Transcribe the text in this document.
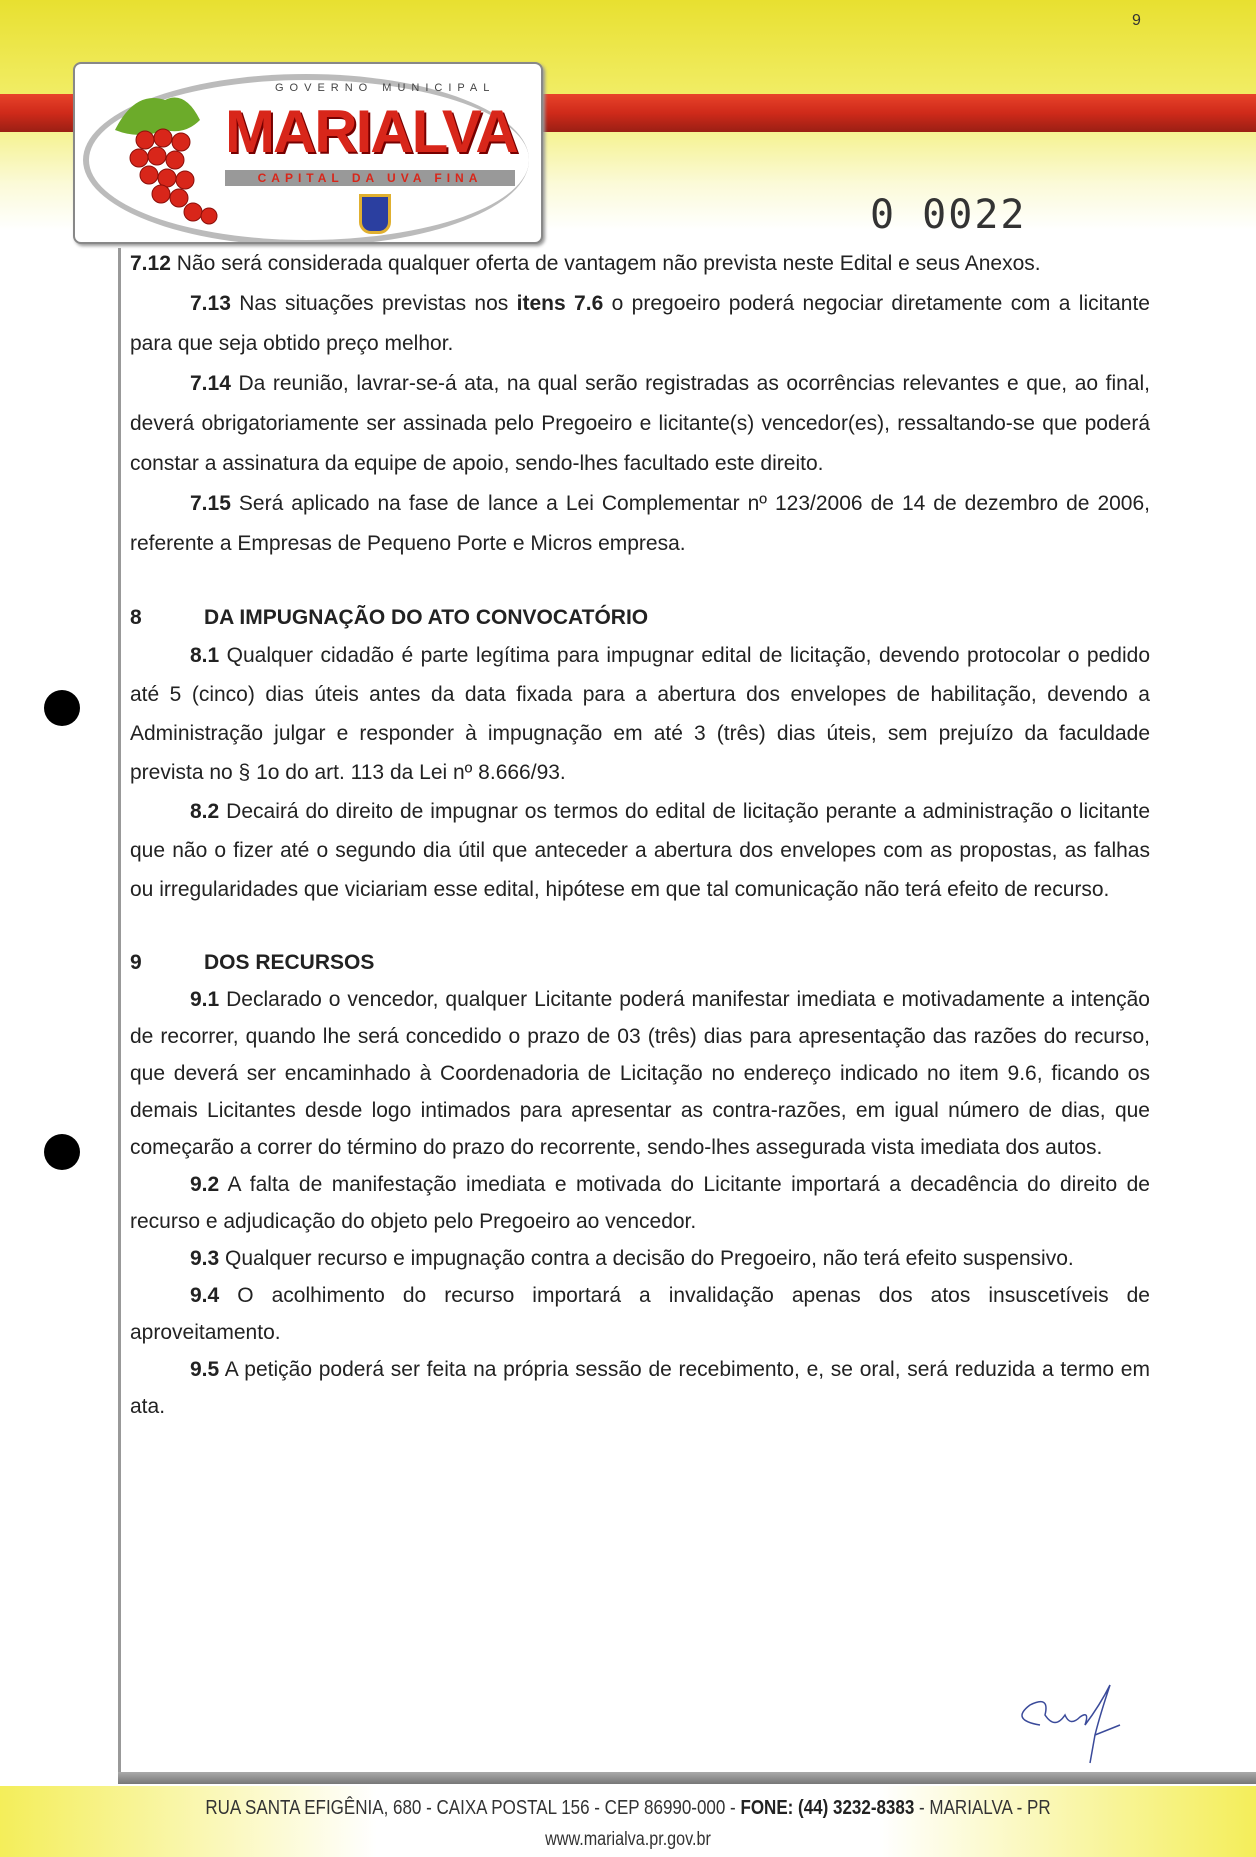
9
GOVERNO MUNICIPAL
MARIALVA
CAPITAL DA UVA FINA
0 0022

7.12 Não será considerada qualquer oferta de vantagem não prevista neste Edital e seus Anexos.

7.13 Nas situações previstas nos itens 7.6 o pregoeiro poderá negociar diretamente com a licitante para que seja obtido preço melhor.

7.14 Da reunião, lavrar-se-á ata, na qual serão registradas as ocorrências relevantes e que, ao final, deverá obrigatoriamente ser assinada pelo Pregoeiro e licitante(s) vencedor(es), ressaltando-se que poderá constar a assinatura da equipe de apoio, sendo-lhes facultado este direito.

7.15 Será aplicado na fase de lance a Lei Complementar nº 123/2006 de 14 de dezembro de 2006, referente a Empresas de Pequeno Porte e Micros empresa.

8	DA IMPUGNAÇÃO DO ATO CONVOCATÓRIO

8.1 Qualquer cidadão é parte legítima para impugnar edital de licitação, devendo protocolar o pedido até 5 (cinco) dias úteis antes da data fixada para a abertura dos envelopes de habilitação, devendo a Administração julgar e responder à impugnação em até 3 (três) dias úteis, sem prejuízo da faculdade prevista no § 1o do art. 113 da Lei nº 8.666/93.

8.2 Decairá do direito de impugnar os termos do edital de licitação perante a administração o licitante que não o fizer até o segundo dia útil que anteceder a abertura dos envelopes com as propostas, as falhas ou irregularidades que viciariam esse edital, hipótese em que tal comunicação não terá efeito de recurso.

9	DOS RECURSOS

9.1 Declarado o vencedor, qualquer Licitante poderá manifestar imediata e motivadamente a intenção de recorrer, quando lhe será concedido o prazo de 03 (três) dias para apresentação das razões do recurso, que deverá ser encaminhado à Coordenadoria de Licitação no endereço indicado no item 9.6, ficando os demais Licitantes desde logo intimados para apresentar as contra-razões, em igual número de dias, que começarão a correr do término do prazo do recorrente, sendo-lhes assegurada vista imediata dos autos.

9.2 A falta de manifestação imediata e motivada do Licitante importará a decadência do direito de recurso e adjudicação do objeto pelo Pregoeiro ao vencedor.

9.3 Qualquer recurso e impugnação contra a decisão do Pregoeiro, não terá efeito suspensivo.

9.4 O acolhimento do recurso importará a invalidação apenas dos atos insuscetíveis de aproveitamento.

9.5 A petição poderá ser feita na própria sessão de recebimento, e, se oral, será reduzida a termo em ata.

RUA SANTA EFIGÊNIA, 680 - CAIXA POSTAL 156 - CEP 86990-000 - FONE: (44) 3232-8383 - MARIALVA - PR
www.marialva.pr.gov.br
